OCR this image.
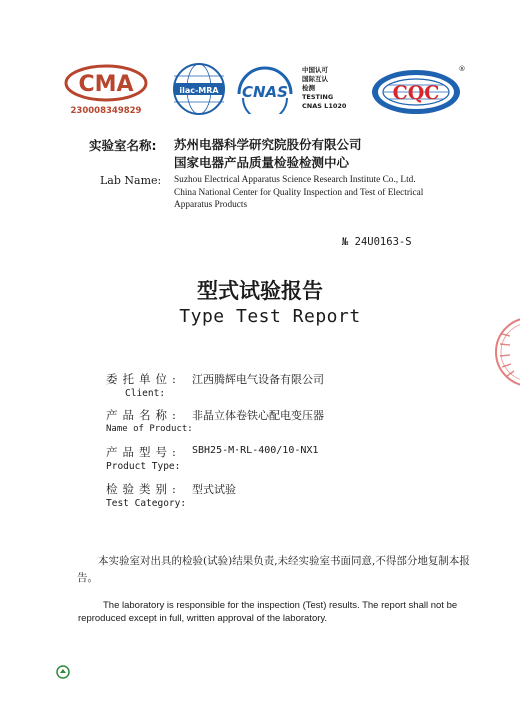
CMA
230008349829
ilac-MRA CNAS
中国认可
国际互认
检测
TESTING
CNAS L1020
CQC
®
实验室名称: 苏州电器科学研究院股份有限公司
国家电器产品质量检验检测中心
Lab Name: Suzhou Electrical Apparatus Science Research Institute Co., Ltd.
China National Center for Quality Inspection and Test of Electrical
Apparatus Products
№ 24U0163-S
型式试验报告
Type Test Report
委托单位: 江西腾辉电气设备有限公司
Client:
产品名称: 非晶立体卷铁心配电变压器
Name of Product:
产品型号: SBH25-M·RL-400/10-NX1
Product Type:
检验类别: 型式试验
Test Category:
本实验室对出具的检验(试验)结果负责,未经实验室书面同意,不得部分地复制本报告。
The laboratory is responsible for the inspection (Test) results. The report shall not be reproduced except in full, written approval of the laboratory.
